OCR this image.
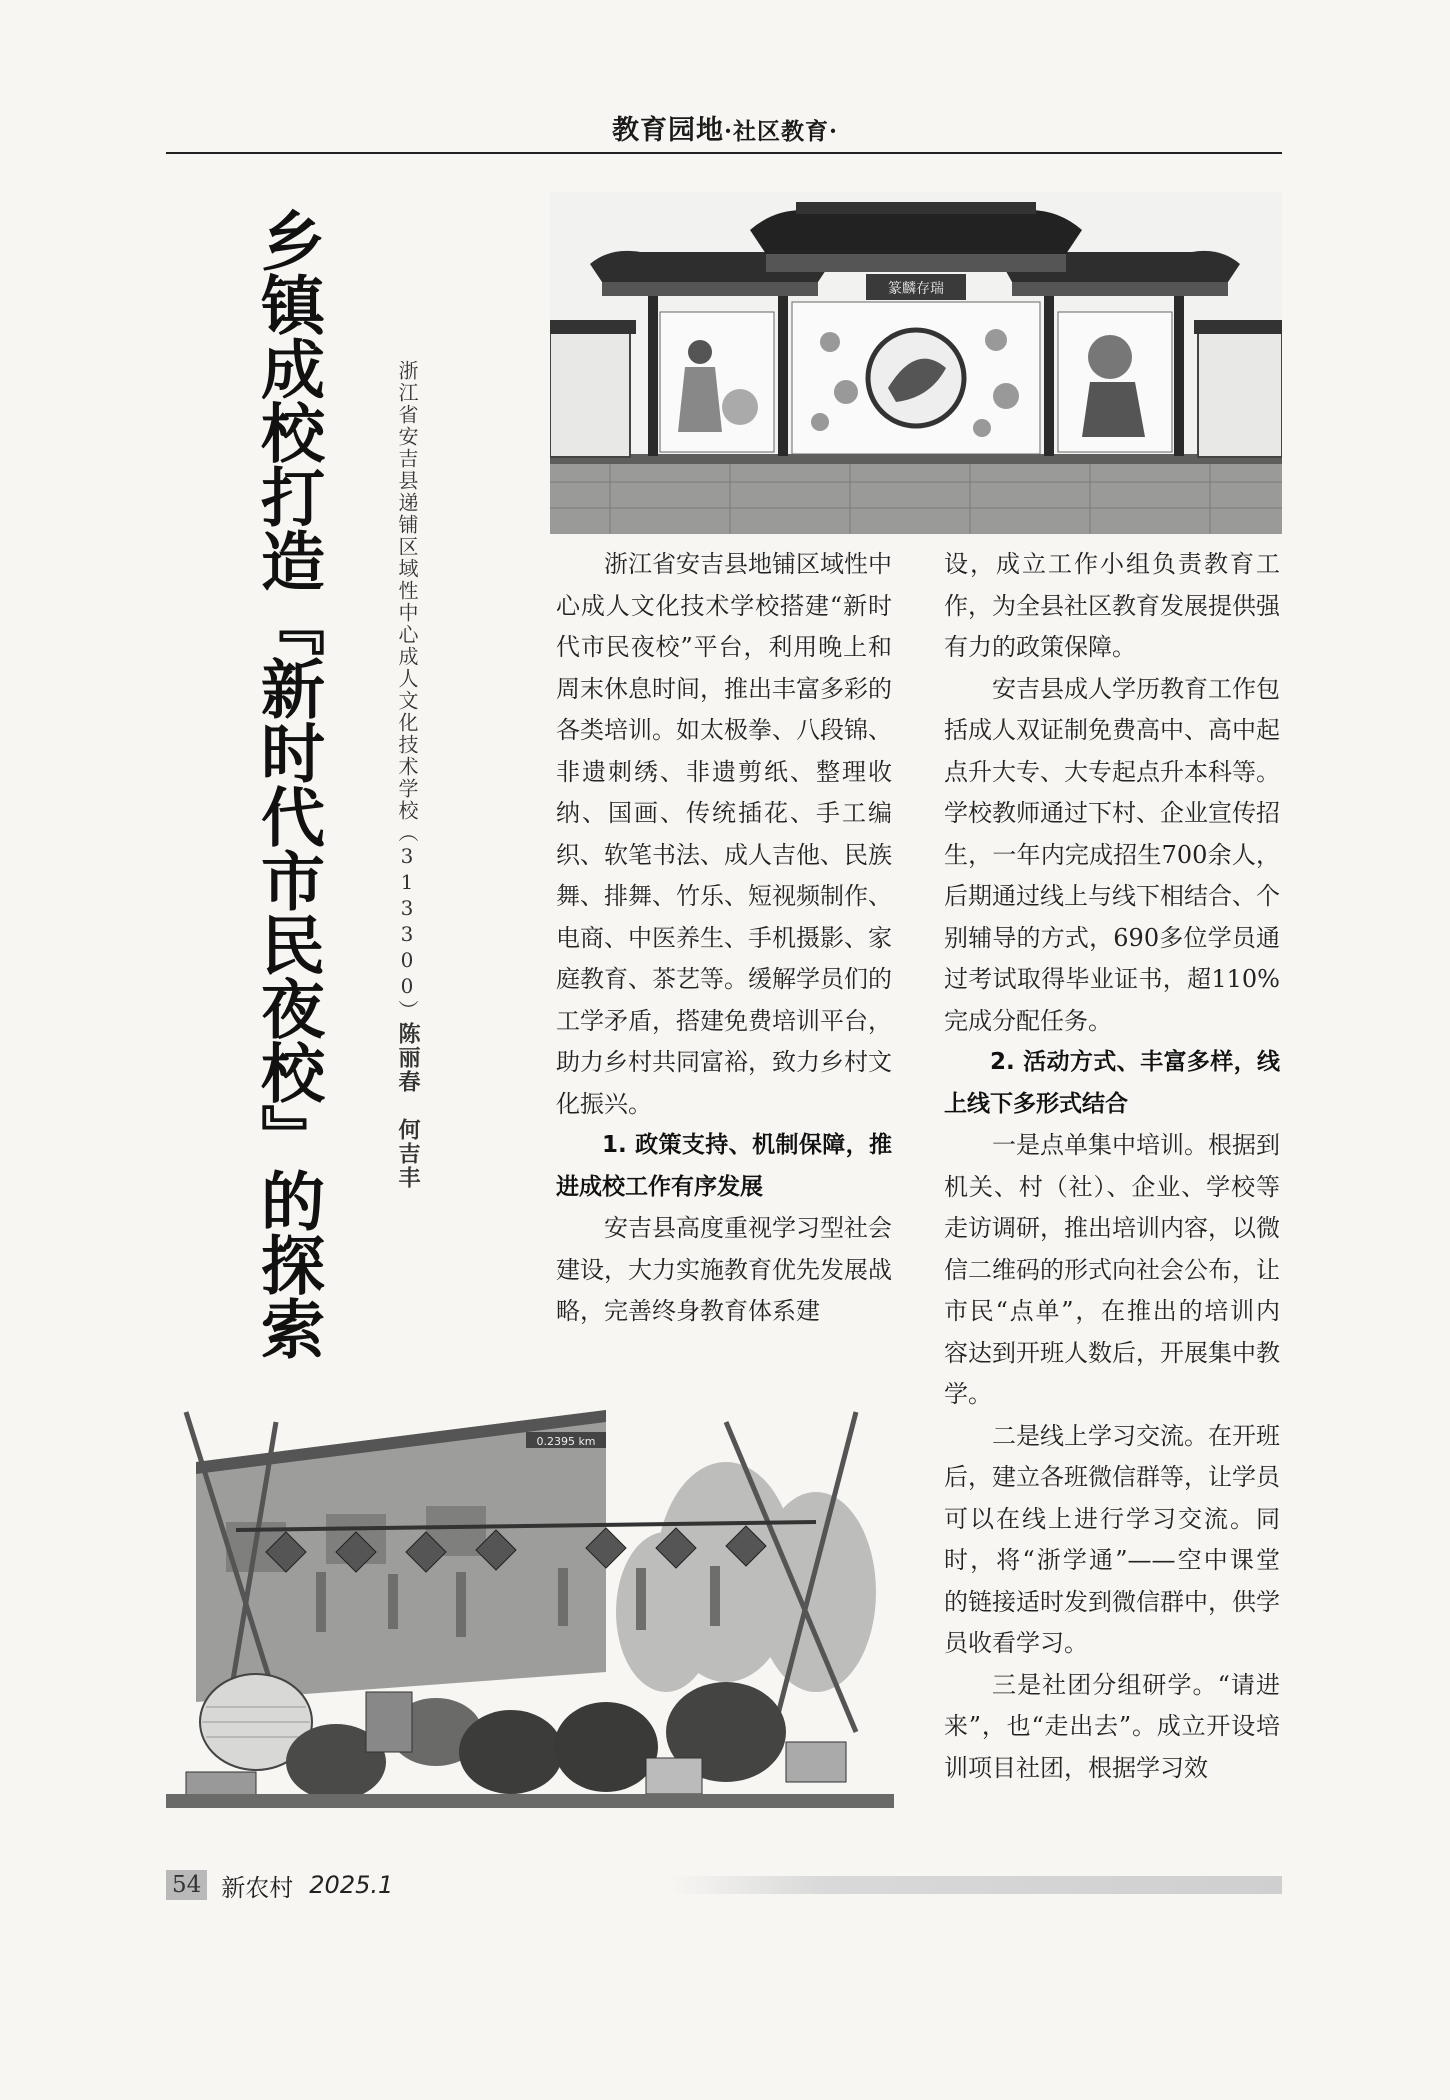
教育园地·社区教育·
乡镇成校打造『新时代市民夜校』的探索	浙江省安吉县递铺区域性中心成人文化技术学校（313300）陈丽春　何吉丰
篆麟存瑞
0.2395 km

浙江省安吉县地铺区域性中心成人文化技术学校搭建“新时代市民夜校”平台，利用晚上和周末休息时间，推出丰富多彩的各类培训。如太极拳、八段锦、非遗刺绣、非遗剪纸、整理收纳、国画、传统插花、手工编织、软笔书法、成人吉他、民族舞、排舞、竹乐、短视频制作、电商、中医养生、手机摄影、家庭教育、茶艺等。缓解学员们的工学矛盾，搭建免费培训平台，助力乡村共同富裕，致力乡村文化振兴。

1. 政策支持、机制保障，推进成校工作有序发展

安吉县高度重视学习型社会建设，大力实施教育优先发展战略，完善终身教育体系建

设，成立工作小组负责教育工作，为全县社区教育发展提供强有力的政策保障。

安吉县成人学历教育工作包括成人双证制免费高中、高中起点升大专、大专起点升本科等。学校教师通过下村、企业宣传招生，一年内完成招生700余人，后期通过线上与线下相结合、个别辅导的方式，690多位学员通过考试取得毕业证书，超110%完成分配任务。

2. 活动方式、丰富多样，线上线下多形式结合

一是点单集中培训。根据到机关、村（社）、企业、学校等走访调研，推出培训内容，以微信二维码的形式向社会公布，让市民“点单”，在推出的培训内容达到开班人数后，开展集中教学。

二是线上学习交流。在开班后，建立各班微信群等，让学员可以在线上进行学习交流。同时，将“浙学通”——空中课堂的链接适时发到微信群中，供学员收看学习。

三是社团分组研学。“请进来”，也“走出去”。成立开设培训项目社团，根据学习效

54 新农村 2025.1
